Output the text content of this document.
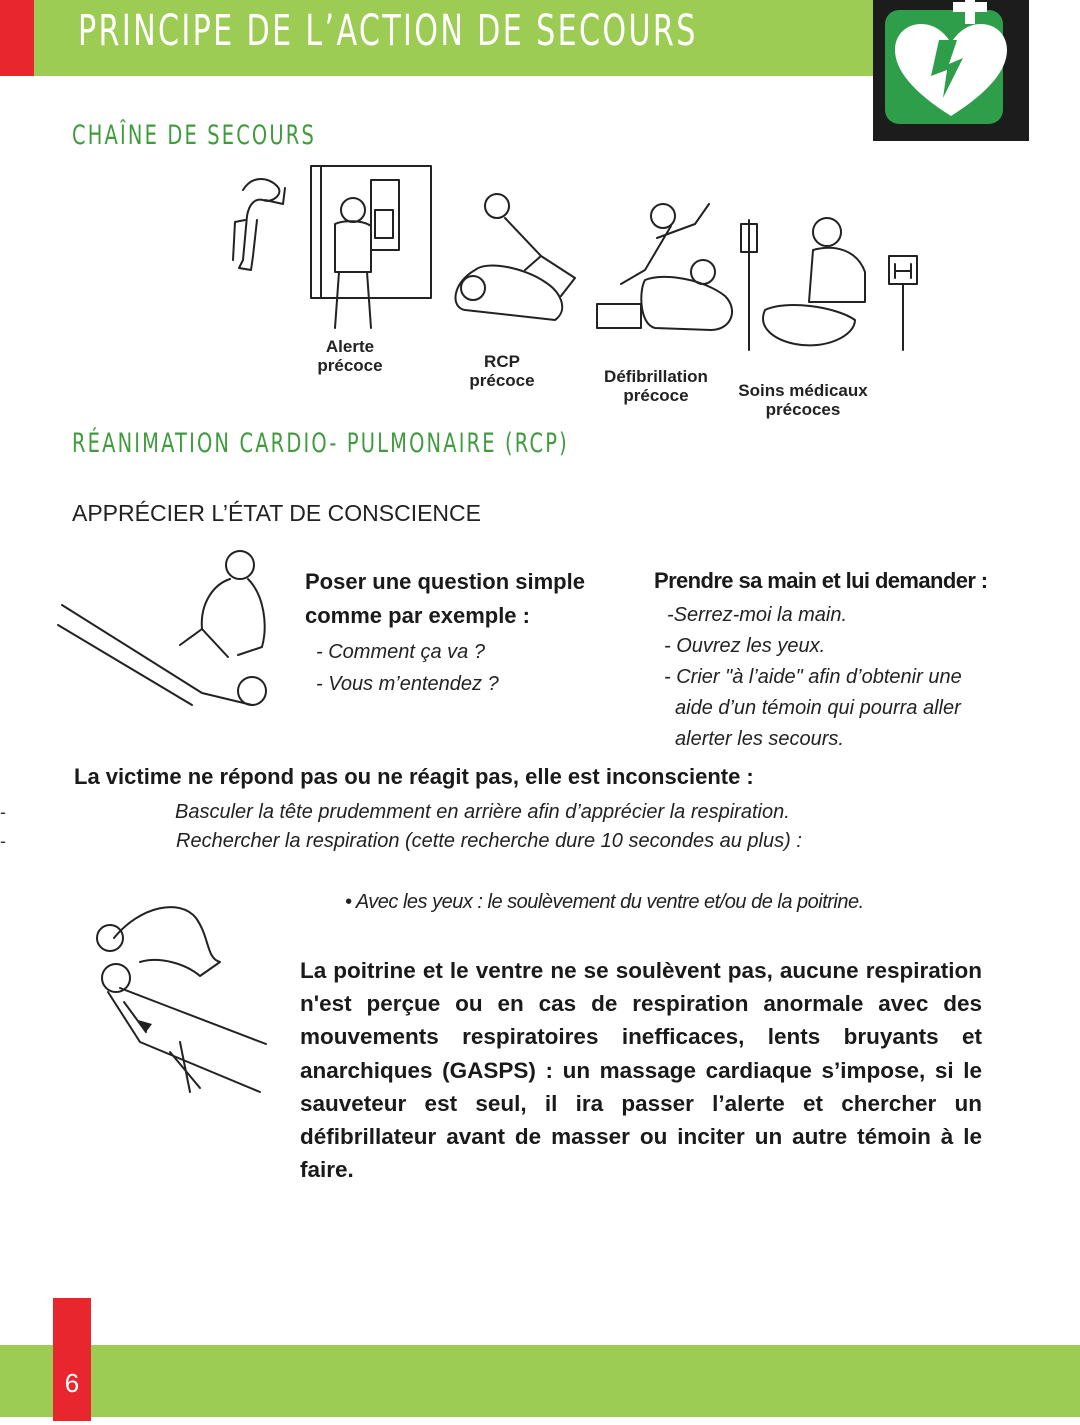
PRINCIPE DE L’ACTION DE SECOURS
CHAÎNE DE SECOURS
Alerte
précoce	RCP
précoce	Défibrillation
précoce	Soins médicaux
précoces
RÉANIMATION CARDIO- PULMONAIRE (RCP)
APPRÉCIER L’ÉTAT DE CONSCIENCE
Poser une question simple comme par exemple :
- Comment ça va ?
- Vous m’entendez ?
Prendre sa main et lui demander :
-Serrez-moi la main.
- Ouvrez les yeux.
- Crier "à l’aide" afin d’obtenir une
aide d’un témoin qui pourra aller
alerter les secours.
La victime ne répond pas ou ne réagit pas, elle est inconsciente :
-
-
Basculer la tête prudemment en arrière afin d’apprécier la respiration.
Rechercher la respiration (cette recherche dure 10 secondes au plus) :
• Avec les yeux : le soulèvement du ventre et/ou de la poitrine.
La poitrine et le ventre ne se soulèvent pas, aucune respiration n'est perçue ou en cas de respiration anormale avec des mouvements respiratoires inefficaces, lents bruyants et anarchiques (GASPS) : un massage cardiaque s’impose, si le sauveteur est seul, il ira passer l’alerte et chercher un défibrillateur avant de masser ou inciter un autre témoin à le faire.
6
